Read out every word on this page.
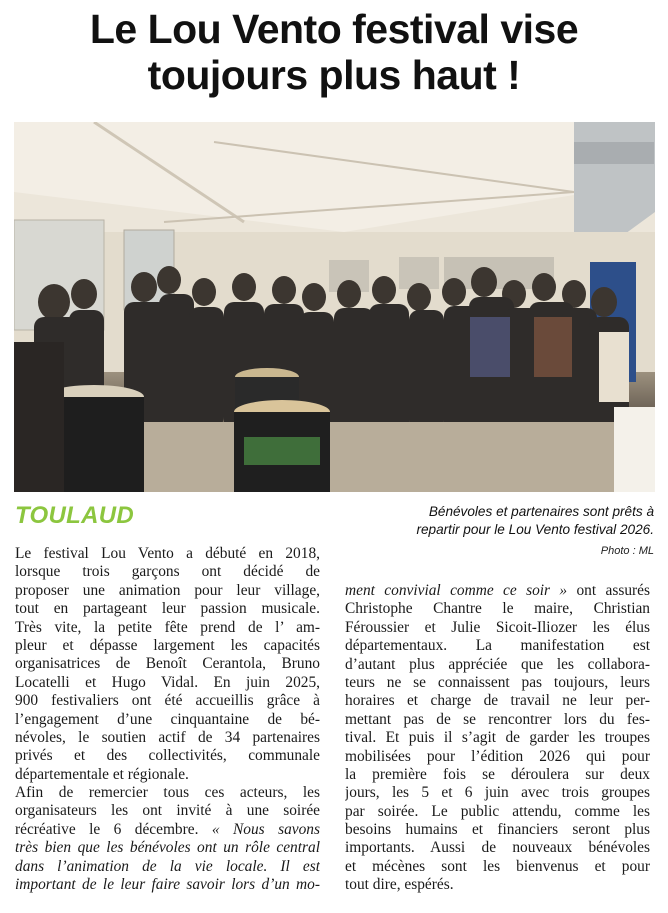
Le Lou Vento festival vise
toujours plus haut !
TOULAUD	Bénévoles et partenaires sont prêts à
repartir pour le Lou Vento festival 2026.
Photo : ML
Le festival Lou Vento a débuté en 2018,
lorsque trois garçons ont décidé de
proposer une animation pour leur village,
tout en partageant leur passion musicale.
Très vite, la petite fête prend de l’ am-
pleur et dépasse largement les capacités
organisatrices de Benoît Cerantola, Bruno
Locatelli et Hugo Vidal. En juin 2025,
900 festivaliers ont été accueillis grâce à
l’engagement d’une cinquantaine de bé-
névoles, le soutien actif de 34 partenaires
privés et des collectivités, communale
départementale et régionale.
Afin de remercier tous ces acteurs, les
organisateurs les ont invité à une soirée
récréative le 6 décembre. « Nous savons
très bien que les bénévoles ont un rôle central
dans l’animation de la vie locale. Il est
important de le leur faire savoir lors d’un mo-
ment convivial comme ce soir » ont assurés
Christophe Chantre le maire, Christian
Féroussier et Julie Sicoit-Iliozer les élus
départementaux. La manifestation est
d’autant plus appréciée que les collabora-
teurs ne se connaissent pas toujours, leurs
horaires et charge de travail ne leur per-
mettant pas de se rencontrer lors du fes-
tival. Et puis il s’agit de garder les troupes
mobilisées pour l’édition 2026 qui pour
la première fois se déroulera sur deux
jours, les 5 et 6 juin avec trois groupes
par soirée. Le public attendu, comme les
besoins humains et financiers seront plus
importants. Aussi de nouveaux bénévoles
et mécènes sont les bienvenus et pour
tout dire, espérés.
